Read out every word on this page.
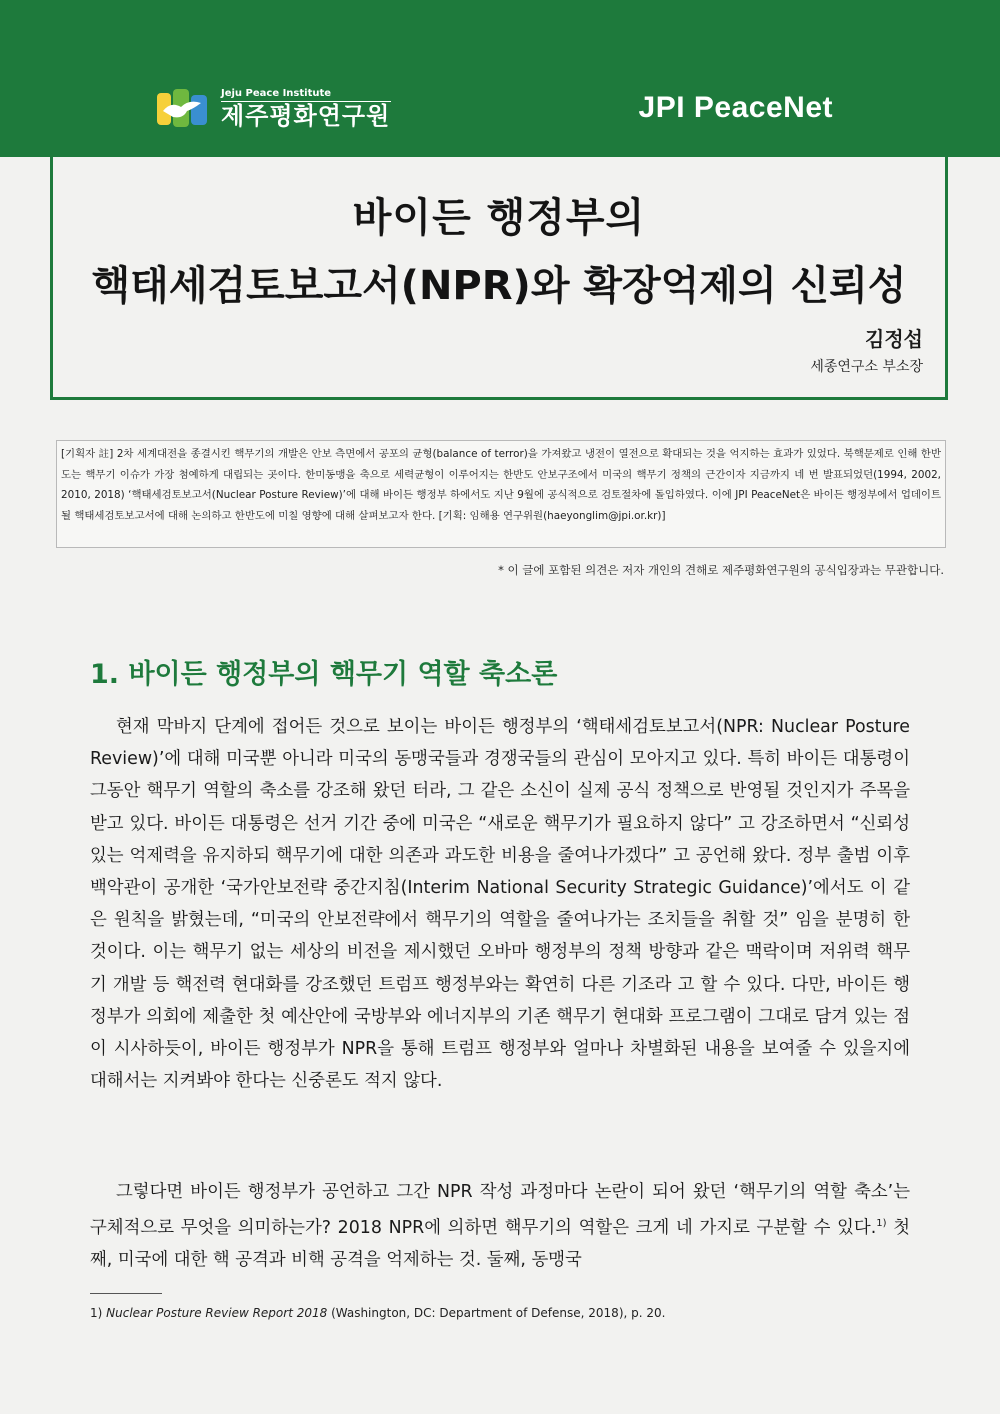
Jeju Peace Institute
제주평화연구원	JPI PeaceNet
바이든 행정부의
핵태세검토보고서(NPR)와 확장억제의 신뢰성
김정섭
세종연구소 부소장
[기획자 註] 2차 세계대전을 종결시킨 핵무기의 개발은 안보 측면에서 공포의 균형(balance of terror)을 가져왔고 냉전이 열전으로 확대되는 것을 억지하는 효과가 있었다. 북핵문제로 인해 한반도는 핵무기 이슈가 가장 첨예하게 대립되는 곳이다. 한미동맹을 축으로 세력균형이 이루어지는 한반도 안보구조에서 미국의 핵무기 정책의 근간이자 지금까지 네 번 발표되었던(1994, 2002, 2010, 2018) ‘핵태세검토보고서(Nuclear Posture Review)’에 대해 바이든 행정부 하에서도 지난 9월에 공식적으로 검토절차에 돌입하였다. 이에 JPI PeaceNet은 바이든 행정부에서 업데이트될 핵태세검토보고서에 대해 논의하고 한반도에 미칠 영향에 대해 살펴보고자 한다. [기획: 임해용 연구위원(haeyonglim@jpi.or.kr)]
* 이 글에 포함된 의견은 저자 개인의 견해로 제주평화연구원의 공식입장과는 무관합니다.
1. 바이든 행정부의 핵무기 역할 축소론
현재 막바지 단계에 접어든 것으로 보이는 바이든 행정부의 ‘핵태세검토보고서(NPR: Nuclear Posture Review)’에 대해 미국뿐 아니라 미국의 동맹국들과 경쟁국들의 관심이 모아지고 있다. 특히 바이든 대통령이 그동안 핵무기 역할의 축소를 강조해 왔던 터라, 그 같은 소신이 실제 공식 정책으로 반영될 것인지가 주목을 받고 있다. 바이든 대통령은 선거 기간 중에 미국은 “새로운 핵무기가 필요하지 않다” 고 강조하면서 “신뢰성 있는 억제력을 유지하되 핵무기에 대한 의존과 과도한 비용을 줄여나가겠다” 고 공언해 왔다. 정부 출범 이후 백악관이 공개한 ‘국가안보전략 중간지침(Interim National Security Strategic Guidance)’에서도 이 같은 원칙을 밝혔는데, “미국의 안보전략에서 핵무기의 역할을 줄여나가는 조치들을 취할 것” 임을 분명히 한 것이다. 이는 핵무기 없는 세상의 비전을 제시했던 오바마 행정부의 정책 방향과 같은 맥락이며 저위력 핵무기 개발 등 핵전력 현대화를 강조했던 트럼프 행정부와는 확연히 다른 기조라 고 할 수 있다. 다만, 바이든 행정부가 의회에 제출한 첫 예산안에 국방부와 에너지부의 기존 핵무기 현대화 프로그램이 그대로 담겨 있는 점이 시사하듯이, 바이든 행정부가 NPR을 통해 트럼프 행정부와 얼마나 차별화된 내용을 보여줄 수 있을지에 대해서는 지켜봐야 한다는 신중론도 적지 않다.
그렇다면 바이든 행정부가 공언하고 그간 NPR 작성 과정마다 논란이 되어 왔던 ‘핵무기의 역할 축소’는 구체적으로 무엇을 의미하는가? 2018 NPR에 의하면 핵무기의 역할은 크게 네 가지로 구분할 수 있다.$^{1)}$ 첫째, 미국에 대한 핵 공격과 비핵 공격을 억제하는 것. 둘째, 동맹국
1) Nuclear Posture Review Report 2018 (Washington, DC: Department of Defense, 2018), p. 20.
